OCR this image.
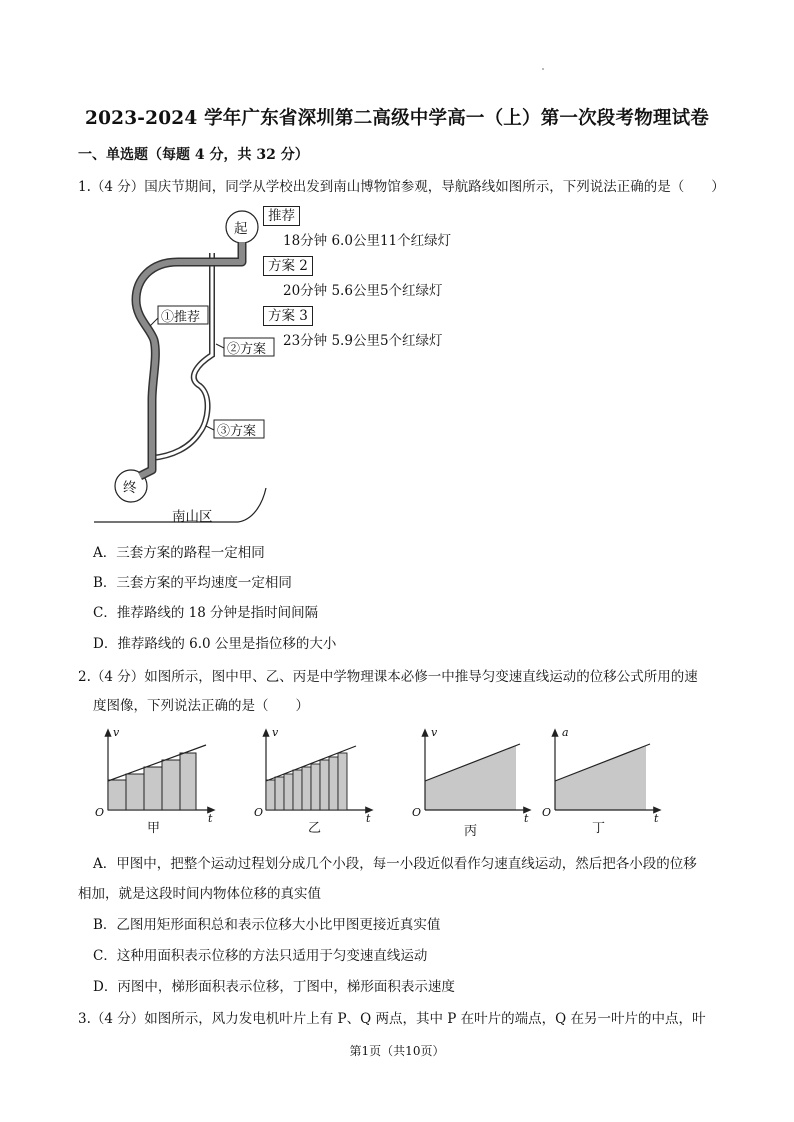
2023-2024 学年广东省深圳第二高级中学高一（上）第一次段考物理试卷
一、单选题（每题 4 分，共 32 分）
1.（4 分）国庆节期间，同学从学校出发到南山博物馆参观，导航路线如图所示，下列说法正确的是（　　）
起
终
南山区
①推荐
②方案
③方案
推荐
18分钟 6.0公里11个红绿灯
方案 2
20分钟 5.6公里5个红绿灯
方案 3
23分钟 5.9公里5个红绿灯
A．三套方案的路程一定相同
B．三套方案的平均速度一定相同
C．推荐路线的 18 分钟是指时间间隔
D．推荐路线的 6.0 公里是指位移的大小
2.（4 分）如图所示，图中甲、乙、丙是中学物理课本必修一中推导匀变速直线运动的位移公式所用的速
度图像，下列说法正确的是（　　）
v
t
O
甲
v
t
O
乙
v
t
O
丙
a
t
O
丁
A．甲图中，把整个运动过程划分成几个小段，每一小段近似看作匀速直线运动，然后把各小段的位移
相加，就是这段时间内物体位移的真实值
B．乙图用矩形面积总和表示位移大小比甲图更接近真实值
C．这种用面积表示位移的方法只适用于匀变速直线运动
D．丙图中，梯形面积表示位移，丁图中，梯形面积表示速度
3.（4 分）如图所示，风力发电机叶片上有 P、Q 两点，其中 P 在叶片的端点，Q 在另一叶片的中点，叶
第1页（共10页）
